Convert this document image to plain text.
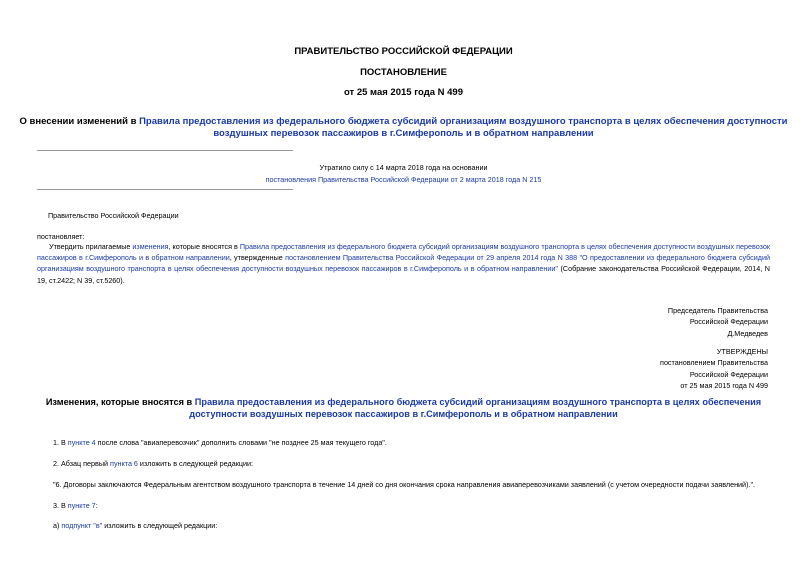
ПРАВИТЕЛЬСТВО РОССИЙСКОЙ ФЕДЕРАЦИИ
ПОСТАНОВЛЕНИЕ
от 25 мая 2015 года N 499
О внесении изменений в Правила предоставления из федерального бюджета субсидий организациям воздушного транспорта в целях обеспечения доступности
воздушных перевозок пассажиров в г.Симферополь и в обратном направлении
Утратило силу с 14 марта 2018 года на основании
постановления Правительства Российской Федерации от 2 марта 2018 года N 215
Правительство Российской Федерации
постановляет:
Утвердить прилагаемые изменения, которые вносятся в Правила предоставления из федерального бюджета субсидий организациям воздушного транспорта в целях обеспечения доступности воздушных перевозок пассажиров в г.Симферополь и в обратном направлении, утвержденные постановлением Правительства Российской Федерации от 29 апреля 2014 года N 388 "О предоставлении из федерального бюджета субсидий организациям воздушного транспорта в целях обеспечения доступности воздушных перевозок пассажиров в г.Симферополь и в обратном направлении" (Собрание законодательства Российской Федерации, 2014, N 19, ст.2422; N 39, ст.5260).
Председатель Правительства
Российской Федерации
Д.Медведев
УТВЕРЖДЕНЫ
постановлением Правительства
Российской Федерации
от 25 мая 2015 года N 499
Изменения, которые вносятся в Правила предоставления из федерального бюджета субсидий организациям воздушного транспорта в целях обеспечения
доступности воздушных перевозок пассажиров в г.Симферополь и в обратном направлении
1. В пункте 4 после слова "авиаперевозчик" дополнить словами "не позднее 25 мая текущего года".
2. Абзац первый пункта 6 изложить в следующей редакции:
"6. Договоры заключаются Федеральным агентством воздушного транспорта в течение 14 дней со дня окончания срока направления авиаперевозчиками заявлений (с учетом очередности подачи заявлений).".
3. В пункте 7:
а) подпункт "в" изложить в следующей редакции:
